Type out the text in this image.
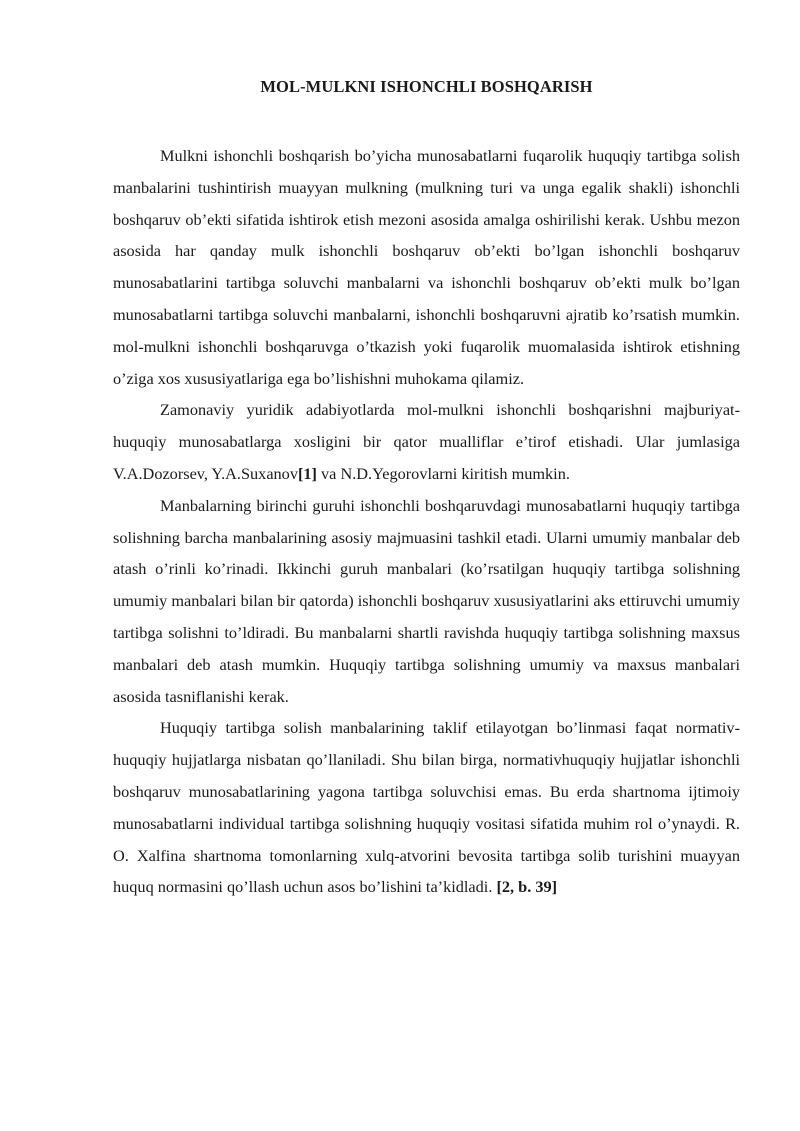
MOL-MULKNI ISHONCHLI BOSHQARISH

Mulkni ishonchli boshqarish bo’yicha munosabatlarni fuqarolik huquqiy tartibga solish manbalarini tushintirish muayyan mulkning (mulkning turi va unga egalik shakli) ishonchli boshqaruv ob’ekti sifatida ishtirok etish mezoni asosida amalga oshirilishi kerak. Ushbu mezon asosida har qanday mulk ishonchli boshqaruv ob’ekti bo’lgan ishonchli boshqaruv munosabatlarini tartibga soluvchi manbalarni va ishonchli boshqaruv ob’ekti mulk bo’lgan munosabatlarni tartibga soluvchi manbalarni, ishonchli boshqaruvni ajratib ko’rsatish mumkin. mol-mulkni ishonchli boshqaruvga o’tkazish yoki fuqarolik muomalasida ishtirok etishning o’ziga xos xususiyatlariga ega bo’lishishni muhokama qilamiz.

Zamonaviy yuridik adabiyotlarda mol-mulkni ishonchli boshqarishni majburiyat-huquqiy munosabatlarga xosligini bir qator mualliflar e’tirof etishadi. Ular jumlasiga V.A.Dozorsev, Y.A.Suxanov[1] va N.D.Yegorovlarni kiritish mumkin.

Manbalarning birinchi guruhi ishonchli boshqaruvdagi munosabatlarni huquqiy tartibga solishning barcha manbalarining asosiy majmuasini tashkil etadi. Ularni umumiy manbalar deb atash o’rinli ko’rinadi. Ikkinchi guruh manbalari (ko’rsatilgan huquqiy tartibga solishning umumiy manbalari bilan bir qatorda) ishonchli boshqaruv xususiyatlarini aks ettiruvchi umumiy tartibga solishni to’ldiradi. Bu manbalarni shartli ravishda huquqiy tartibga solishning maxsus manbalari deb atash mumkin. Huquqiy tartibga solishning umumiy va maxsus manbalari asosida tasniflanishi kerak.

Huquqiy tartibga solish manbalarining taklif etilayotgan bo’linmasi faqat normativ-huquqiy hujjatlarga nisbatan qo’llaniladi. Shu bilan birga, normativhuquqiy hujjatlar ishonchli boshqaruv munosabatlarining yagona tartibga soluvchisi emas. Bu erda shartnoma ijtimoiy munosabatlarni individual tartibga solishning huquqiy vositasi sifatida muhim rol o’ynaydi. R. O. Xalfina shartnoma tomonlarning xulq-atvorini bevosita tartibga solib turishini muayyan huquq normasini qo’llash uchun asos bo’lishini ta’kidladi. [2, b. 39]
